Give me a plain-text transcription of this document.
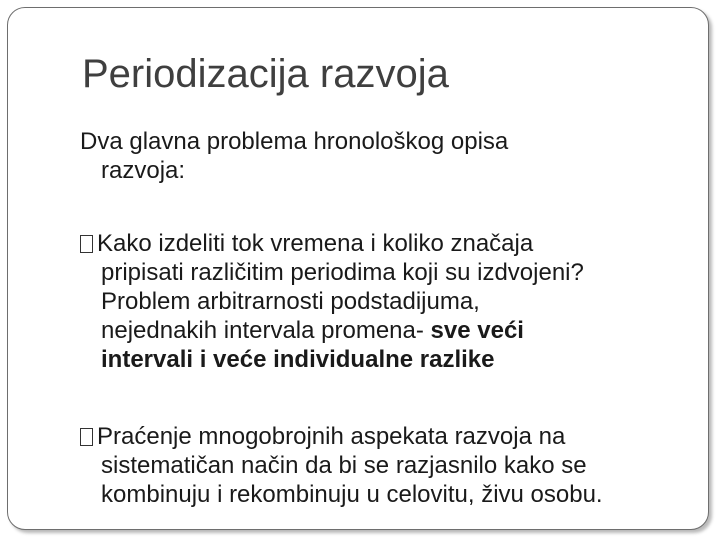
Periodizacija razvoja

Dva glavna problema hronološkog opisa
razvoja:

Kako izdeliti tok vremena i koliko značaja
pripisati različitim periodima koji su izdvojeni?
Problem arbitrarnosti podstadijuma,
nejednakih intervala promena- sve veći
intervali i veće individualne razlike
Praćenje mnogobrojnih aspekata razvoja na
sistematičan način da bi se razjasnilo kako se
kombinuju i rekombinuju u celovitu, živu osobu.
